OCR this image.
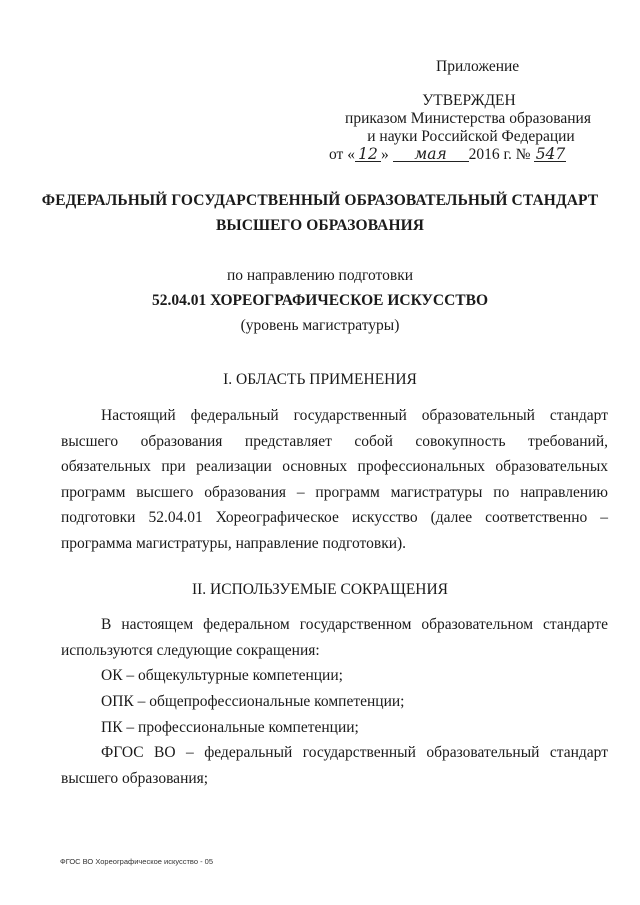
Приложение
УТВЕРЖДЕН
приказом Министерства образования
и науки Российской Федерации
от « 12 » мая 2016 г. № 547
ФЕДЕРАЛЬНЫЙ ГОСУДАРСТВЕННЫЙ ОБРАЗОВАТЕЛЬНЫЙ СТАНДАРТ
ВЫСШЕГО ОБРАЗОВАНИЯ
по направлению подготовки
52.04.01 ХОРЕОГРАФИЧЕСКОЕ ИСКУССТВО
(уровень магистратуры)
I. ОБЛАСТЬ ПРИМЕНЕНИЯ

Настоящий федеральный государственный образовательный стандарт высшего образования представляет собой совокупность требований, обязательных при реализации основных профессиональных образовательных программ высшего образования – программ магистратуры по направлению подготовки 52.04.01 Хореографическое искусство (далее соответственно – программа магистратуры, направление подготовки).

II. ИСПОЛЬЗУЕМЫЕ СОКРАЩЕНИЯ

В настоящем федеральном государственном образовательном стандарте используются следующие сокращения:

ОК – общекультурные компетенции;

ОПК – общепрофессиональные компетенции;

ПК – профессиональные компетенции;

ФГОС ВО – федеральный государственный образовательный стандарт высшего образования;

ФГОС ВО Хореографическое искусство - 05
